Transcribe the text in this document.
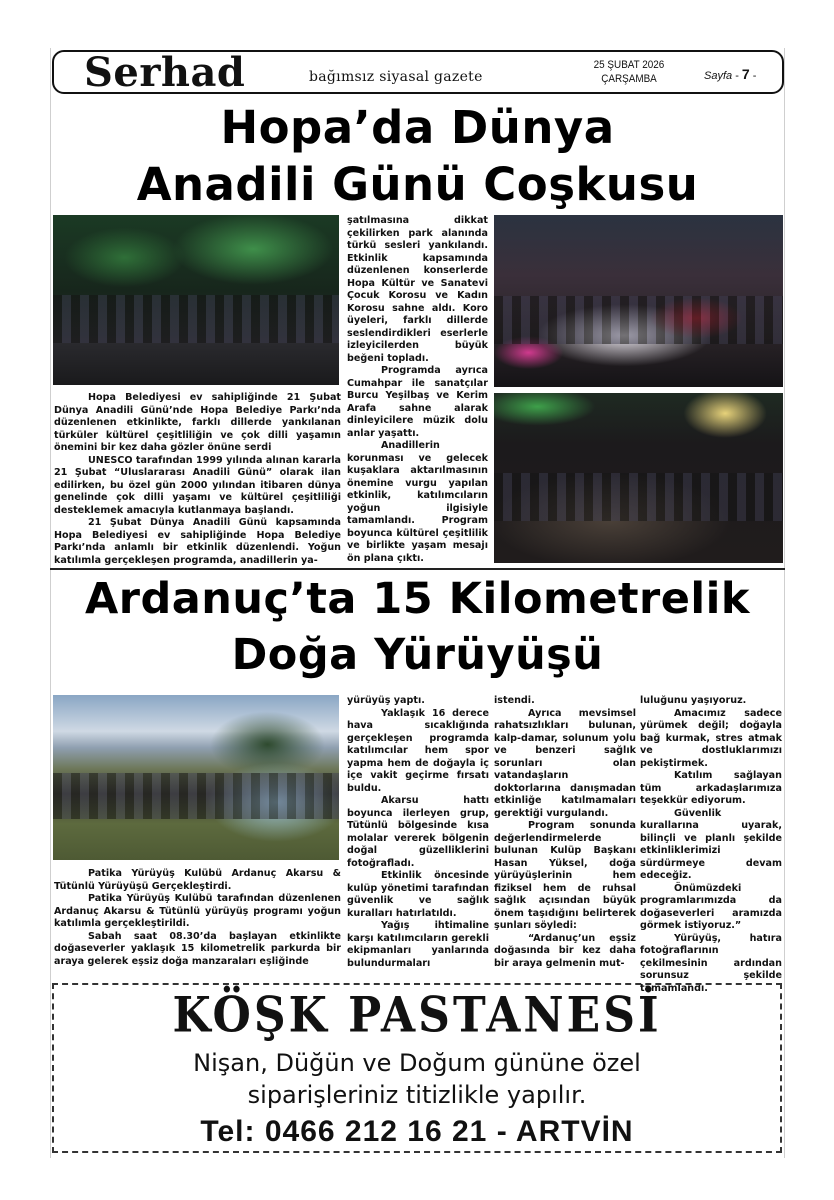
Serhad	bağımsız siyasal gazete
25 ŞUBAT 2026
ÇARŞAMBA	Sayfa - 7 -
Hopa’da Dünya
Anadili Günü Coşkusu

Hopa Belediyesi ev sahipliğinde 21 Şubat Dünya Anadili Günü’nde Hopa Belediye Parkı’nda düzenlenen etkinlikte, farklı dillerde yankılanan türküler kültürel çeşitliliğin ve çok dilli yaşamın önemini bir kez daha gözler önüne serdi

UNESCO tarafından 1999 yılında alınan kararla 21 Şubat “Uluslararası Anadili Günü” olarak ilan edilirken, bu özel gün 2000 yılından itibaren dünya genelinde çok dilli yaşamı ve kültürel çeşitliliği desteklemek amacıyla kutlanmaya başlandı.

21 Şubat Dünya Anadili Günü kapsamında Hopa Belediyesi ev sahipliğinde Hopa Belediye Parkı’nda anlamlı bir etkinlik düzenlendi. Yoğun katılımla gerçekleşen programda, anadillerin ya-

şatılmasına dikkat çekilirken park alanında türkü sesleri yankılandı. Etkinlik kapsamında düzenlenen konserlerde Hopa Kültür ve Sanatevi Çocuk Korosu ve Kadın Korosu sahne aldı. Koro üyeleri, farklı dillerde seslendirdikleri eserlerle izleyicilerden büyük beğeni topladı.

Programda ayrıca Cumahpar ile sanatçılar Burcu Yeşilbaş ve Kerim Arafa sahne alarak dinleyicilere müzik dolu anlar yaşattı.

Anadillerin korunması ve gelecek kuşaklara aktarılmasının önemine vurgu yapılan etkinlik, katılımcıların yoğun ilgisiyle tamamlandı. Program boyunca kültürel çeşitlilik ve birlikte yaşam mesajı ön plana çıktı.

Ardanuç’ta 15 Kilometrelik
Doğa Yürüyüşü

Patika Yürüyüş Kulübü Ardanuç Akarsu & Tütünlü Yürüyüşü Gerçekleştirdi.

Patika Yürüyüş Kulübü tarafından düzenlenen Ardanuç Akarsu & Tütünlü yürüyüş programı yoğun katılımla gerçekleştirildi.

Sabah saat 08.30’da başlayan etkinlikte doğaseverler yaklaşık 15 kilometrelik parkurda bir araya gelerek eşsiz doğa manzaraları eşliğinde

yürüyüş yaptı.

Yaklaşık 16 derece hava sıcaklığında gerçekleşen programda katılımcılar hem spor yapma hem de doğayla iç içe vakit geçirme fırsatı buldu.

Akarsu hattı boyunca ilerleyen grup, Tütünlü bölgesinde kısa molalar vererek bölgenin doğal güzelliklerini fotoğrafladı.

Etkinlik öncesinde kulüp yönetimi tarafından güvenlik ve sağlık kuralları hatırlatıldı.

Yağış ihtimaline karşı katılımcıların gerekli ekipmanları yanlarında bulundurmaları

istendi.

Ayrıca mevsimsel rahatsızlıkları bulunan, kalp-damar, solunum yolu ve benzeri sağlık sorunları olan vatandaşların doktorlarına danışmadan etkinliğe katılmamaları gerektiği vurgulandı.

Program sonunda değerlendirmelerde bulunan Kulüp Başkanı Hasan Yüksel, doğa yürüyüşlerinin hem fiziksel hem de ruhsal sağlık açısından büyük önem taşıdığını belirterek şunları söyledi:

“Ardanuç’un eşsiz doğasında bir kez daha bir araya gelmenin mut-

luluğunu yaşıyoruz.

Amacımız sadece yürümek değil; doğayla bağ kurmak, stres atmak ve dostluklarımızı pekiştirmek.

Katılım sağlayan tüm arkadaşlarımıza teşekkür ediyorum.

Güvenlik kurallarına uyarak, bilinçli ve planlı şekilde etkinliklerimizi sürdürmeye devam edeceğiz.

Önümüzdeki programlarımızda da doğaseverleri aramızda görmek istiyoruz.”

Yürüyüş, hatıra fotoğraflarının çekilmesinin ardından sorunsuz şekilde tamamlandı.

KÖŞK PASTANESİ
Nişan, Düğün ve Doğum gününe özel
siparişleriniz titizlikle yapılır.
Tel: 0466 212 16 21 - ARTVİN
